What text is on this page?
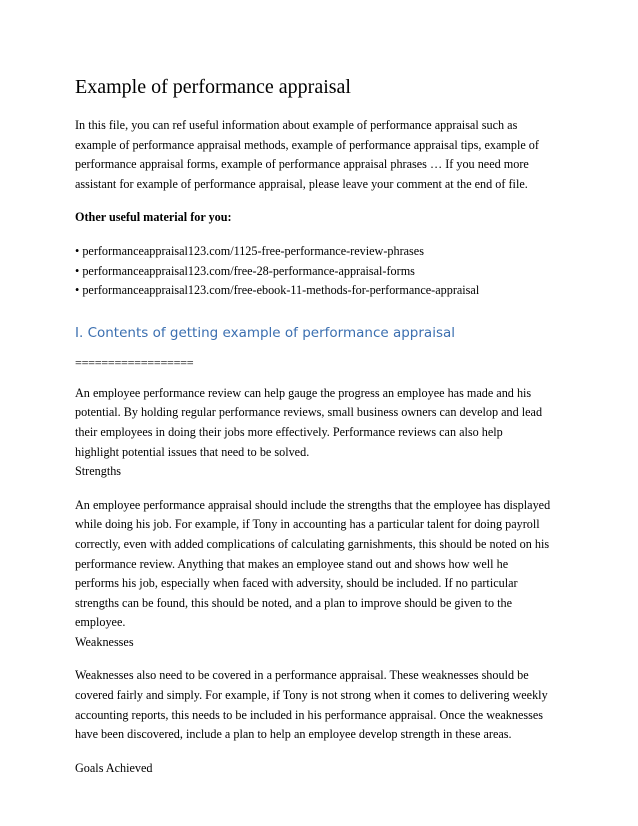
Example of performance appraisal

In this file, you can ref useful information about example of performance appraisal such as
example of performance appraisal methods, example of performance appraisal tips, example of
performance appraisal forms, example of performance appraisal phrases … If you need more
assistant for example of performance appraisal, please leave your comment at the end of file.

Other useful material for you:

• performanceappraisal123.com/1125-free-performance-review-phrases
• performanceappraisal123.com/free-28-performance-appraisal-forms
• performanceappraisal123.com/free-ebook-11-methods-for-performance-appraisal

I. Contents of getting example of performance appraisal

==================

An employee performance review can help gauge the progress an employee has made and his
potential. By holding regular performance reviews, small business owners can develop and lead
their employees in doing their jobs more effectively. Performance reviews can also help
highlight potential issues that need to be solved.
Strengths

An employee performance appraisal should include the strengths that the employee has displayed
while doing his job. For example, if Tony in accounting has a particular talent for doing payroll
correctly, even with added complications of calculating garnishments, this should be noted on his
performance review. Anything that makes an employee stand out and shows how well he
performs his job, especially when faced with adversity, should be included. If no particular
strengths can be found, this should be noted, and a plan to improve should be given to the
employee.
Weaknesses

Weaknesses also need to be covered in a performance appraisal. These weaknesses should be
covered fairly and simply. For example, if Tony is not strong when it comes to delivering weekly
accounting reports, this needs to be included in his performance appraisal. Once the weaknesses
have been discovered, include a plan to help an employee develop strength in these areas.

Goals Achieved
